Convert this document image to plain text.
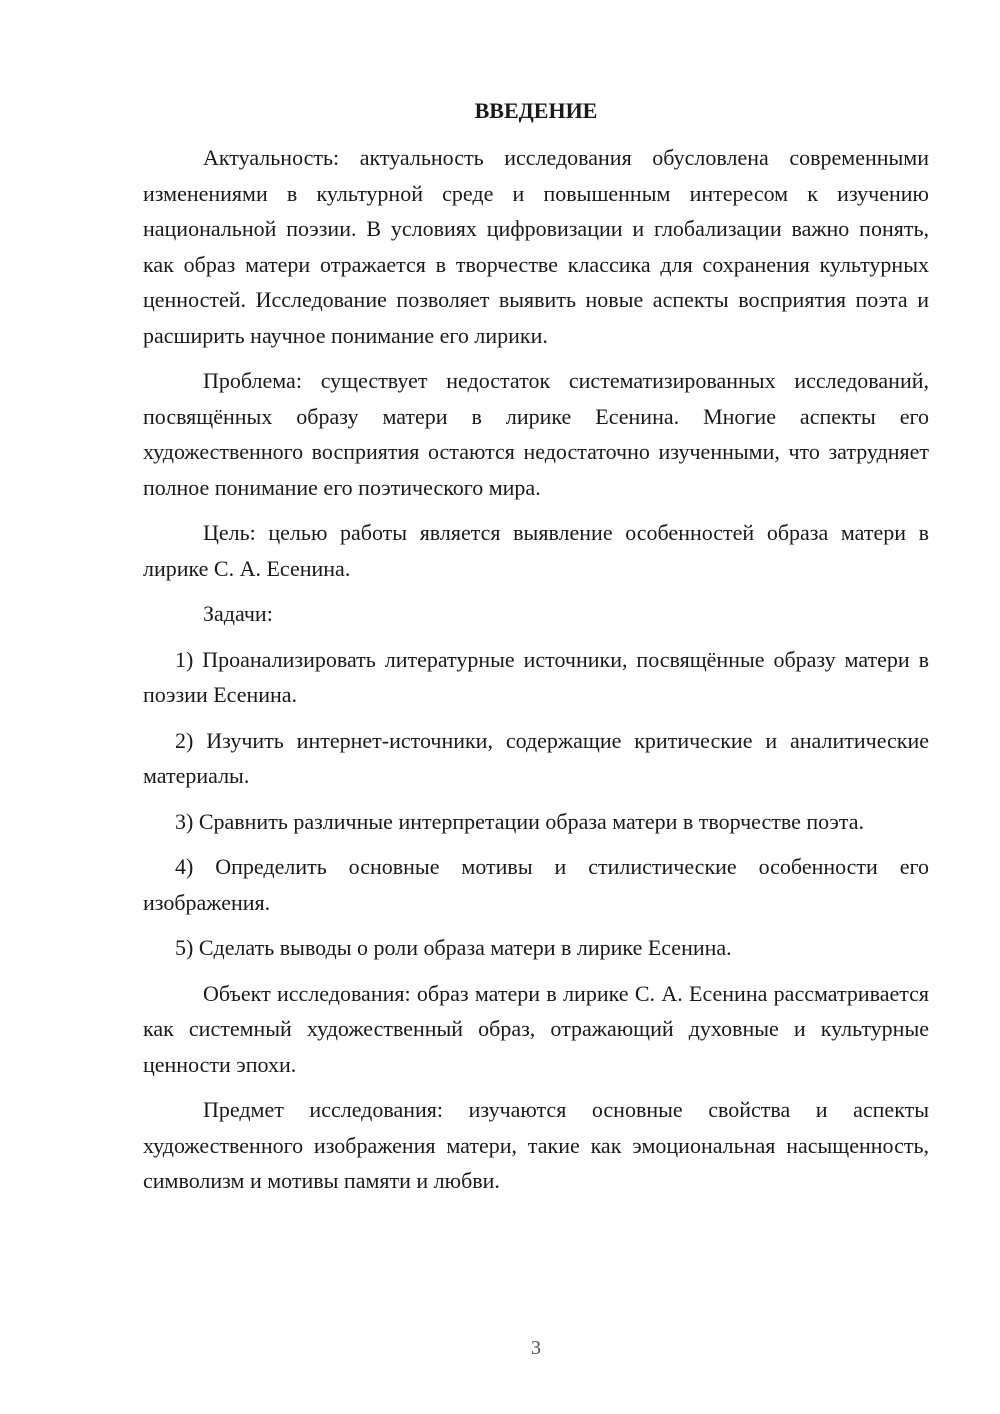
ВВЕДЕНИЕ

Актуальность: актуальность исследования обусловлена современными изменениями в культурной среде и повышенным интересом к изучению национальной поэзии. В условиях цифровизации и глобализации важно понять, как образ матери отражается в творчестве классика для сохранения культурных ценностей. Исследование позволяет выявить новые аспекты восприятия поэта и расширить научное понимание его лирики.

Проблема: существует недостаток систематизированных исследований, посвящённых образу матери в лирике Есенина. Многие аспекты его художественного восприятия остаются недостаточно изученными, что затрудняет полное понимание его поэтического мира.

Цель: целью работы является выявление особенностей образа матери в лирике С. А. Есенина.

Задачи:

1) Проанализировать литературные источники, посвящённые образу матери в поэзии Есенина.

2) Изучить интернет-источники, содержащие критические и аналитические материалы.

3) Сравнить различные интерпретации образа матери в творчестве поэта.

4) Определить основные мотивы и стилистические особенности его изображения.

5) Сделать выводы о роли образа матери в лирике Есенина.

Объект исследования: образ матери в лирике С. А. Есенина рассматривается как системный художественный образ, отражающий духовные и культурные ценности эпохи.

Предмет исследования: изучаются основные свойства и аспекты художественного изображения матери, такие как эмоциональная насыщенность, символизм и мотивы памяти и любви.

3
